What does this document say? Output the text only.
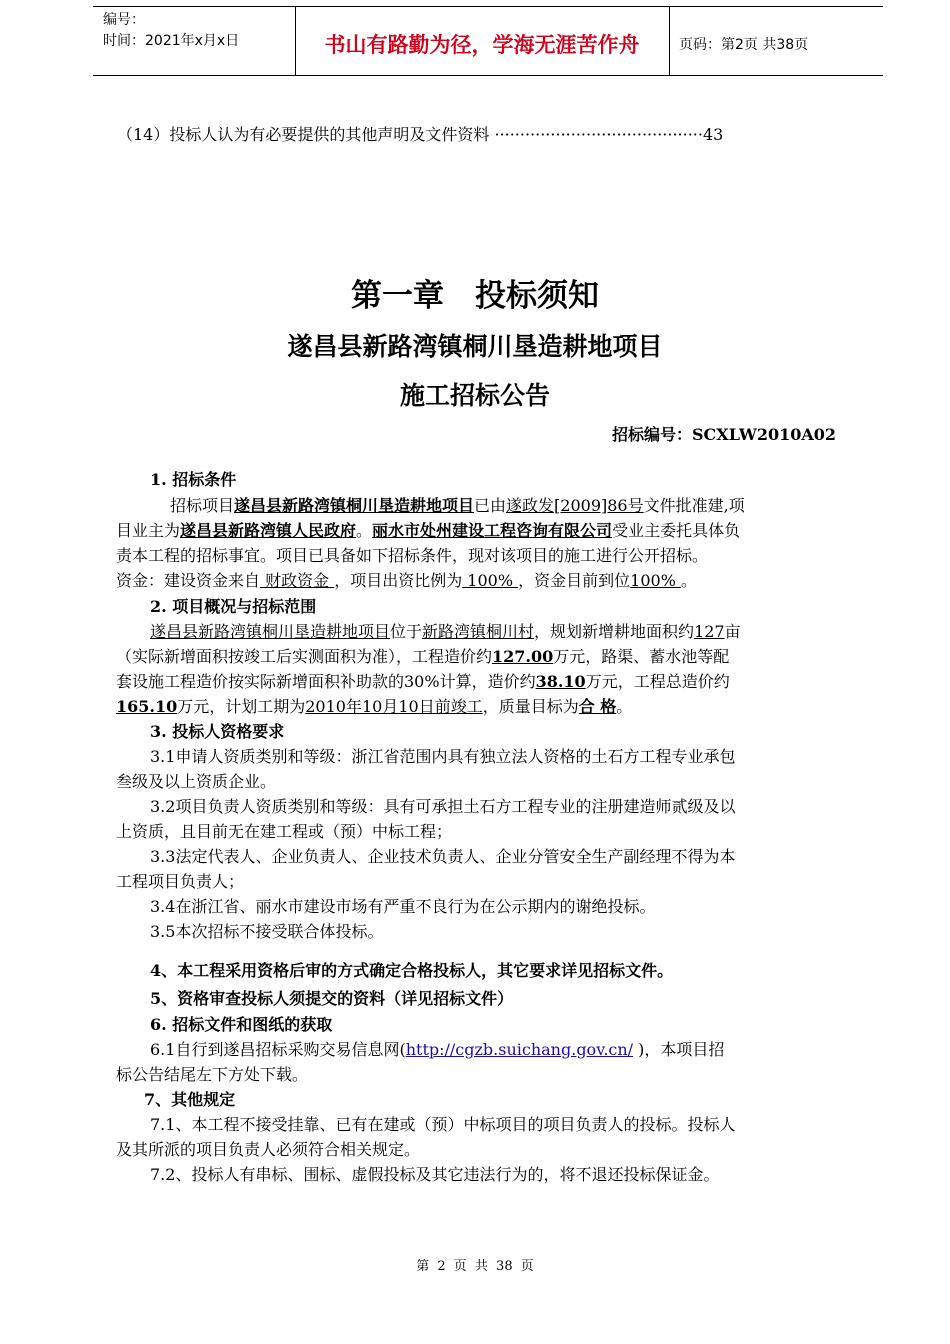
编号：
时间：2021年x月x日	书山有路勤为径，学海无涯苦作舟	页码：第2页 共38页
（14）投标人认为有必要提供的其他声明及文件资料 ·········································43
第一章　投标须知
遂昌县新路湾镇桐川垦造耕地项目
施工招标公告
招标编号：SCXLW2010A02
1. 招标条件
招标项目遂昌县新路湾镇桐川垦造耕地项目已由遂政发[2009]86号文件批准建,项
目业主为遂昌县新路湾镇人民政府。丽水市处州建设工程咨询有限公司受业主委托具体负
责本工程的招标事宜。项目已具备如下招标条件，现对该项目的施工进行公开招标。
资金：建设资金来自 财政资金 ，项目出资比例为 100% ，资金目前到位100% 。
2. 项目概况与招标范围
遂昌县新路湾镇桐川垦造耕地项目位于新路湾镇桐川村，规划新增耕地面积约127亩
（实际新增面积按竣工后实测面积为准），工程造价约127.00万元，路渠、蓄水池等配
套设施工程造价按实际新增面积补助款的30%计算，造价约38.10万元，工程总造价约
165.10万元，计划工期为2010年10月10日前竣工，质量目标为合 格。
3. 投标人资格要求
3.1申请人资质类别和等级：浙江省范围内具有独立法人资格的土石方工程专业承包
叁级及以上资质企业。
3.2项目负责人资质类别和等级：具有可承担土石方工程专业的注册建造师贰级及以
上资质，且目前无在建工程或（预）中标工程；
3.3法定代表人、企业负责人、企业技术负责人、企业分管安全生产副经理不得为本
工程项目负责人；
3.4在浙江省、丽水市建设市场有严重不良行为在公示期内的谢绝投标。
3.5本次招标不接受联合体投标。
4、本工程采用资格后审的方式确定合格投标人，其它要求详见招标文件。
5、资格审查投标人须提交的资料（详见招标文件）
6. 招标文件和图纸的获取
6.1自行到遂昌招标采购交易信息网(http://cgzb.suichang.gov.cn/ )，本项目招
标公告结尾左下方处下载。
7、其他规定
7.1、本工程不接受挂靠、已有在建或（预）中标项目的项目负责人的投标。投标人
及其所派的项目负责人必须符合相关规定。
7.2、投标人有串标、围标、虚假投标及其它违法行为的，将不退还投标保证金。
第 2 页 共 38 页
